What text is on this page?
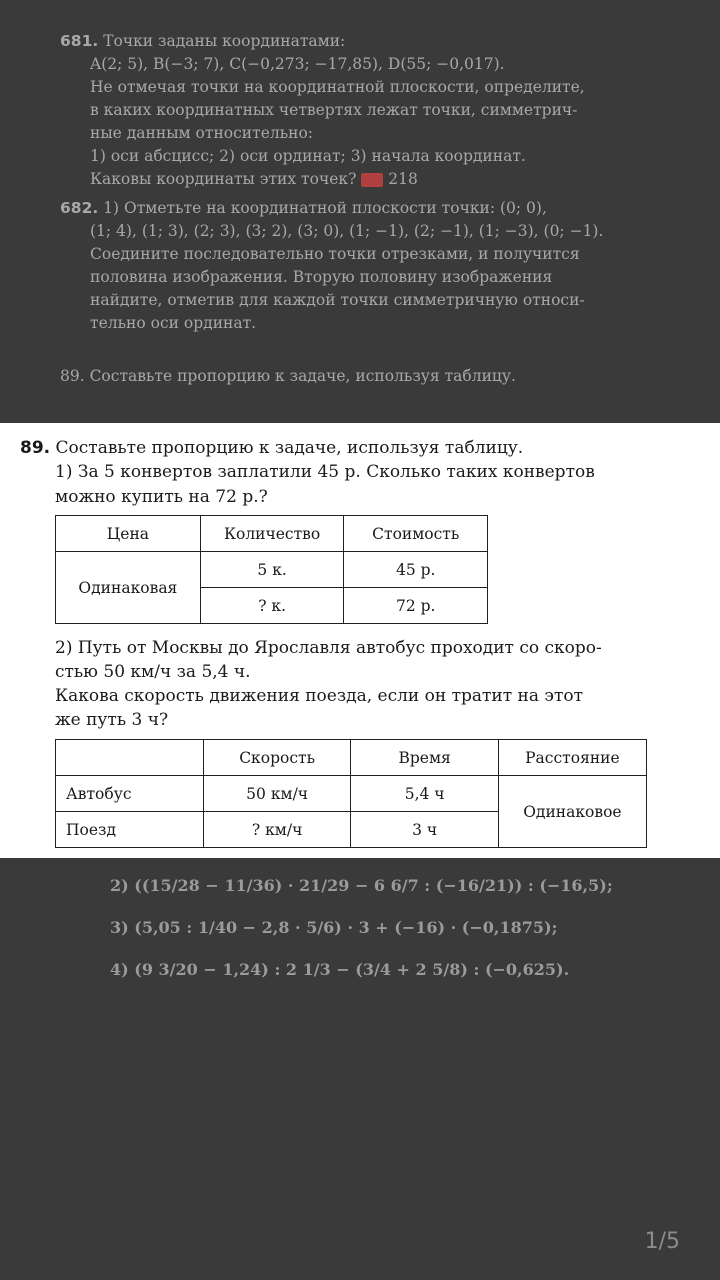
681. Точки заданы координатами:

A(2; 5), B(−3; 7), C(−0,273; −17,85), D(55; −0,017).

Не отмечая точки на координатной плоскости, определите,

в каких координатных четвертях лежат точки, симметрич-

ные данным относительно:

1) оси абсцисс; 2) оси ординат; 3) начала координат.

Каковы координаты этих точек? 218

682. 1) Отметьте на координатной плоскости точки: (0; 0),

(1; 4), (1; 3), (2; 3), (3; 2), (3; 0), (1; −1), (2; −1), (1; −3), (0; −1).

Соедините последовательно точки отрезками, и получится

половина изображения. Вторую половину изображения

найдите, отметив для каждой точки симметричную относи-

тельно оси ординат.

89. Составьте пропорцию к задаче, используя таблицу.

2) ((15/28 − 11/36) · 21/29 − 6 6/7 : (−16/21)) : (−16,5);
3) (5,05 : 1/40 − 2,8 · 5/6) · 3 + (−16) · (−0,1875);
4) (9 3/20 − 1,24) : 2 1/3 − (3/4 + 2 5/8) : (−0,625).
89. Составьте пропорцию к задаче, используя таблицу.
1) За 5 конвертов заплатили 45 р. Сколько таких конвертов
можно купить на 72 р.?
Цена	Количество	Стоимость
Одинаковая	5 к.	45 р.
	? к.	72 р.
2) Путь от Москвы до Ярославля автобус проходит со скоро-
стью 50 км/ч за 5,4 ч.
Какова скорость движения поезда, если он тратит на этот
же путь 3 ч?
	Скорость	Время	Расстояние
Автобус	50 км/ч	5,4 ч	Одинаковое
Поезд	? км/ч	3 ч	
1/5
